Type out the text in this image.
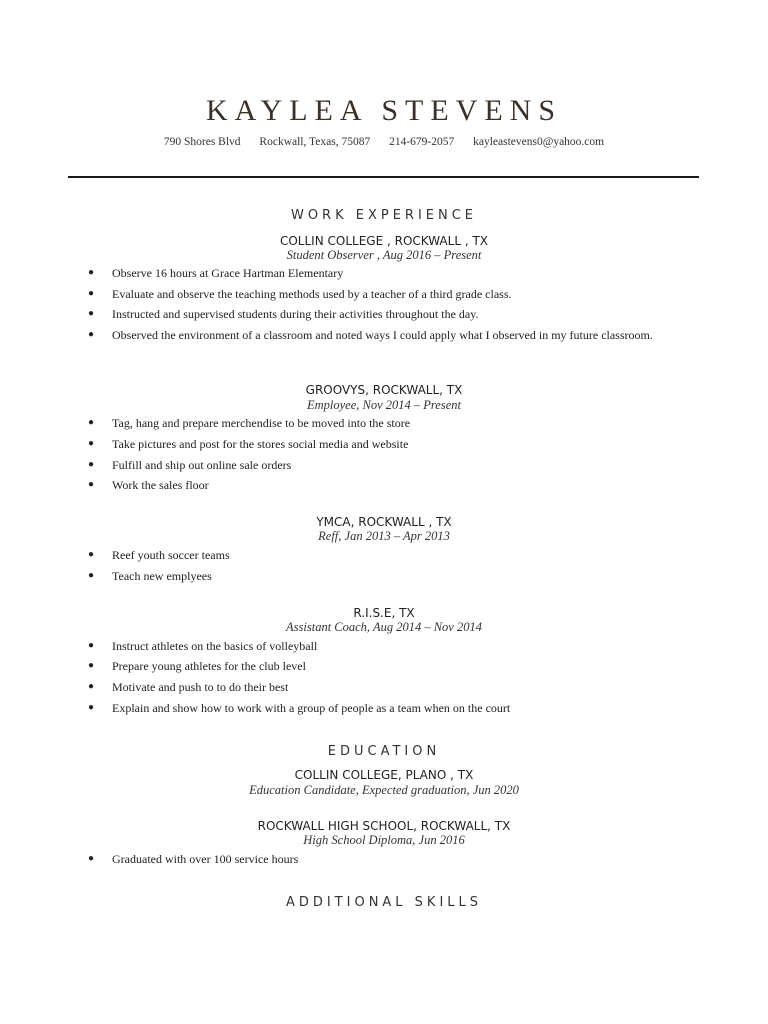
KAYLEA STEVENS
790 Shores Blvd Rockwall, Texas, 75087 214-679-2057 kayleastevens0@yahoo.com
WORK EXPERIENCE
COLLIN COLLEGE , ROCKWALL , TX
Student Observer , Aug 2016 – Present
● Observe 16 hours at Grace Hartman Elementary
● Evaluate and observe the teaching methods used by a teacher of a third grade class.
● Instructed and supervised students during their activities throughout the day.
● Observed the environment of a classroom and noted ways I could apply what I observed in my future classroom.
GROOVYS, ROCKWALL, TX
Employee, Nov 2014 – Present
● Tag, hang and prepare merchendise to be moved into the store
● Take pictures and post for the stores social media and website
● Fulfill and ship out online sale orders
● Work the sales floor
YMCA, ROCKWALL , TX
Reff, Jan 2013 – Apr 2013
● Reef youth soccer teams
● Teach new emplyees
R.I.S.E, TX
Assistant Coach, Aug 2014 – Nov 2014
● Instruct athletes on the basics of volleyball
● Prepare young athletes for the club level
● Motivate and push to to do their best
● Explain and show how to work with a group of people as a team when on the court
EDUCATION
COLLIN COLLEGE, PLANO , TX
Education Candidate, Expected graduation, Jun 2020
ROCKWALL HIGH SCHOOL, ROCKWALL, TX
High School Diploma, Jun 2016
● Graduated with over 100 service hours
ADDITIONAL SKILLS
